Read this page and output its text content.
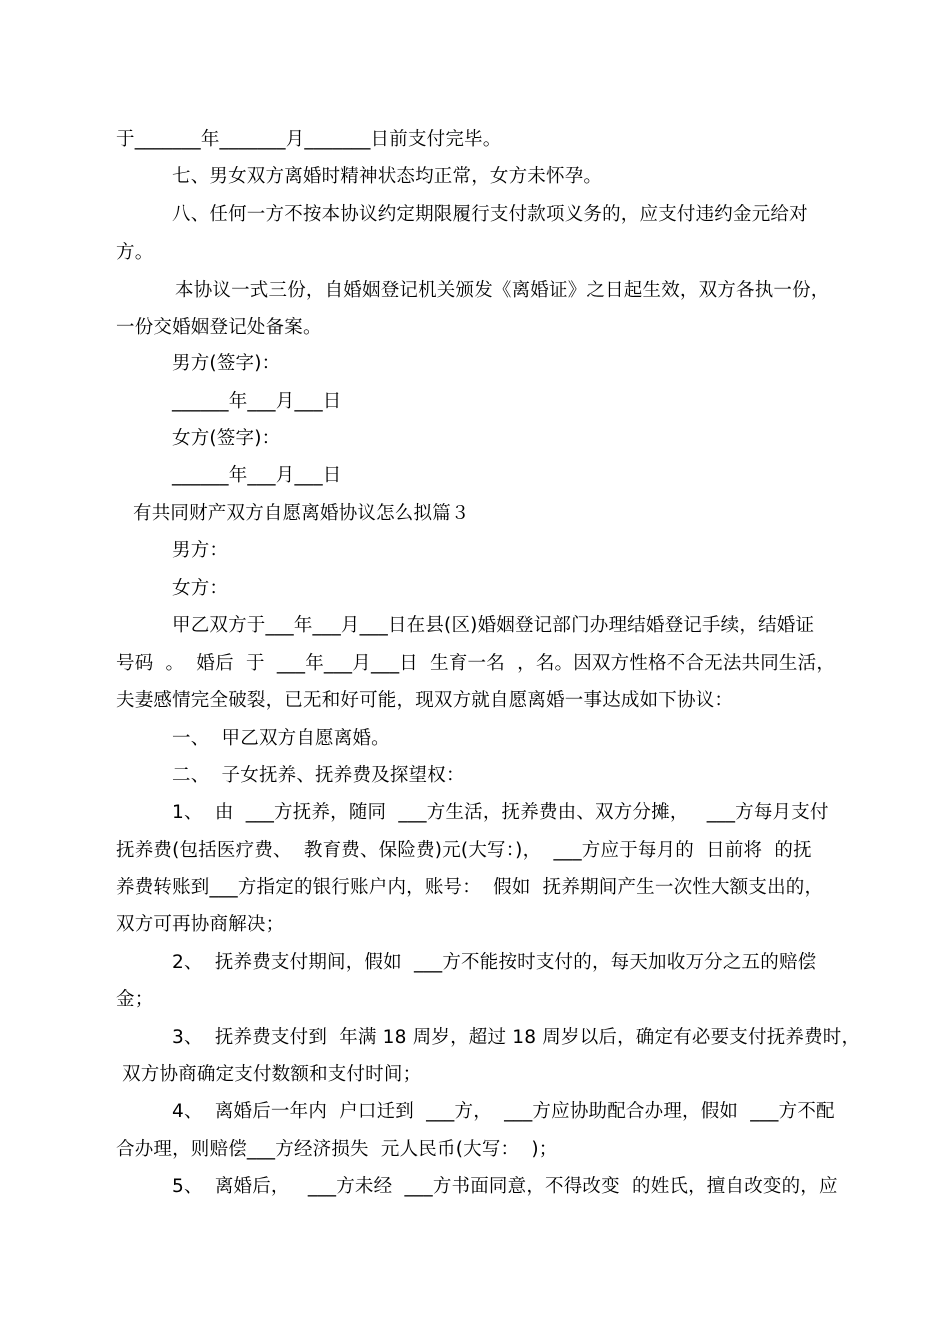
于_______年_______月_______日前支付完毕。
七、男女双方离婚时精神状态均正常，女方未怀孕。
八、任何一方不按本协议约定期限履行支付款项义务的，应支付违约金元给对
方。
本协议一式三份，自婚姻登记机关颁发《离婚证》之日起生效，双方各执一份，
一份交婚姻登记处备案。
男方(签字)：
______年___月___日
女方(签字)：
______年___月___日
有共同财产双方自愿离婚协议怎么拟篇３
男方：
女方：
甲乙双方于___年___月___日在县(区)婚姻登记部门办理结婚登记手续，结婚证
号码  。  婚后  于  ___年___月___日  生育一名  ，名。因双方性格不合无法共同生活，
夫妻感情完全破裂，已无和好可能，现双方就自愿离婚一事达成如下协议：
一、  甲乙双方自愿离婚。
二、  子女抚养、抚养费及探望权：
1、  由  ___方抚养，随同  ___方生活，抚养费由、双方分摊，   ___方每月支付
抚养费(包括医疗费、  教育费、保险费)元(大写：)，  ___方应于每月的  日前将  的抚
养费转账到___方指定的银行账户内，账号：  假如  抚养期间产生一次性大额支出的，
双方可再协商解决；
2、  抚养费支付期间，假如  ___方不能按时支付的，每天加收万分之五的赔偿
金；
3、  抚养费支付到  年满 18 周岁，超过 18 周岁以后，确定有必要支付抚养费时，
双方协商确定支付数额和支付时间；
4、  离婚后一年内  户口迁到  ___方，  ___方应协助配合办理，假如  ___方不配
合办理，则赔偿___方经济损失  元人民币(大写：  )；
5、  离婚后，   ___方未经  ___方书面同意，不得改变  的姓氏，擅自改变的，应
